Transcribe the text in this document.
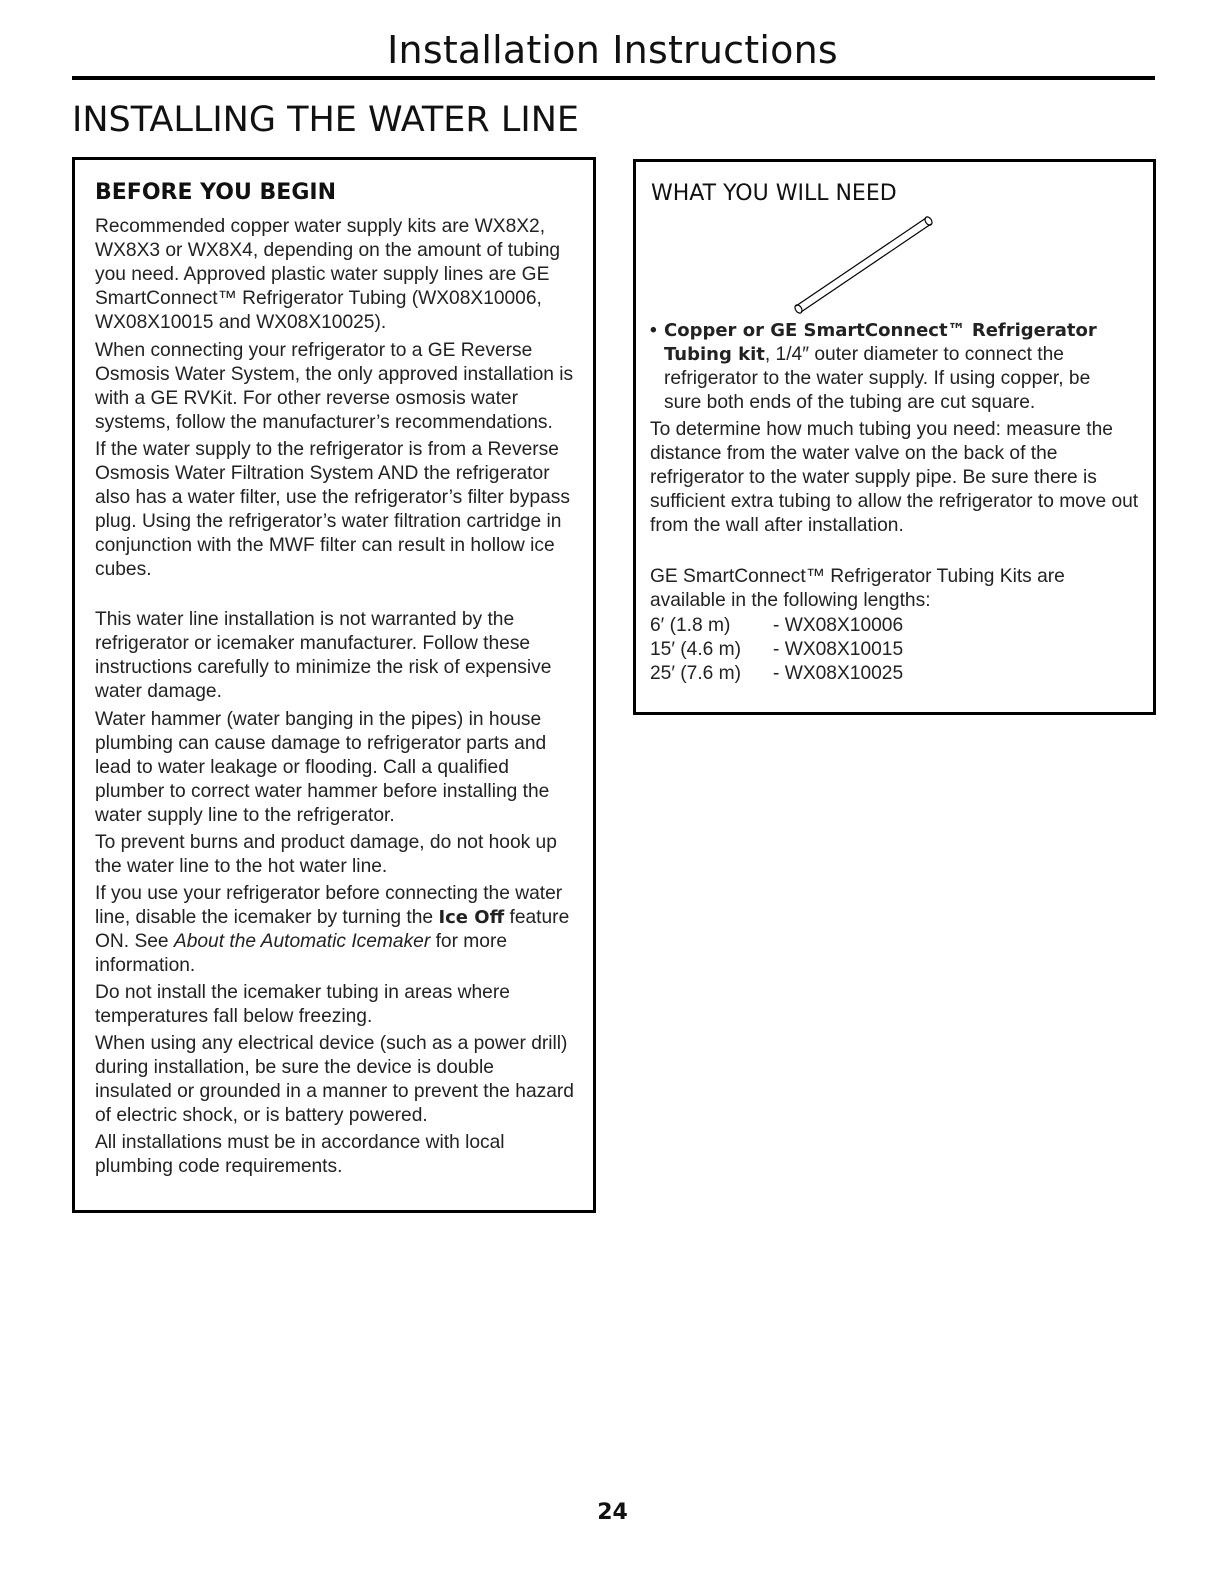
Installation Instructions
INSTALLING THE WATER LINE
BEFORE YOU BEGIN

Recommended copper water supply kits are WX8X2, WX8X3 or WX8X4, depending on the amount of tubing you need. Approved plastic water supply lines are GE SmartConnect™ Refrigerator Tubing (WX08X10006, WX08X10015 and WX08X10025).

When connecting your refrigerator to a GE Reverse Osmosis Water System, the only approved installation is with a GE RVKit. For other reverse osmosis water systems, follow the manufacturer’s recommendations.

If the water supply to the refrigerator is from a Reverse Osmosis Water Filtration System AND the refrigerator also has a water filter, use the refrigerator’s filter bypass plug. Using the refrigerator’s water filtration cartridge in conjunction with the MWF filter can result in hollow ice cubes.

This water line installation is not warranted by the refrigerator or icemaker manufacturer. Follow these instructions carefully to minimize the risk of expensive water damage.

Water hammer (water banging in the pipes) in house plumbing can cause damage to refrigerator parts and lead to water leakage or flooding. Call a qualified plumber to correct water hammer before installing the water supply line to the refrigerator.

To prevent burns and product damage, do not hook up the water line to the hot water line.

If you use your refrigerator before connecting the water line, disable the icemaker by turning the Ice Off feature ON. See About the Automatic Icemaker for more information.

Do not install the icemaker tubing in areas where temperatures fall below freezing.

When using any electrical device (such as a power drill) during installation, be sure the device is double insulated or grounded in a manner to prevent the hazard of electric shock, or is battery powered.

All installations must be in accordance with local plumbing code requirements.

WHAT YOU WILL NEED
• Copper or GE SmartConnect™ Refrigerator Tubing kit, 1/4″ outer diameter to connect the refrigerator to the water supply. If using copper, be sure both ends of the tubing are cut square.

To determine how much tubing you need: measure the distance from the water valve on the back of the refrigerator to the water supply pipe. Be sure there is sufficient extra tubing to allow the refrigerator to move out from the wall after installation.

GE SmartConnect™ Refrigerator Tubing Kits are available in the following lengths:

6′ (1.8 m) - WX08X10006
15′ (4.6 m) - WX08X10015
25′ (7.6 m) - WX08X10025
24
